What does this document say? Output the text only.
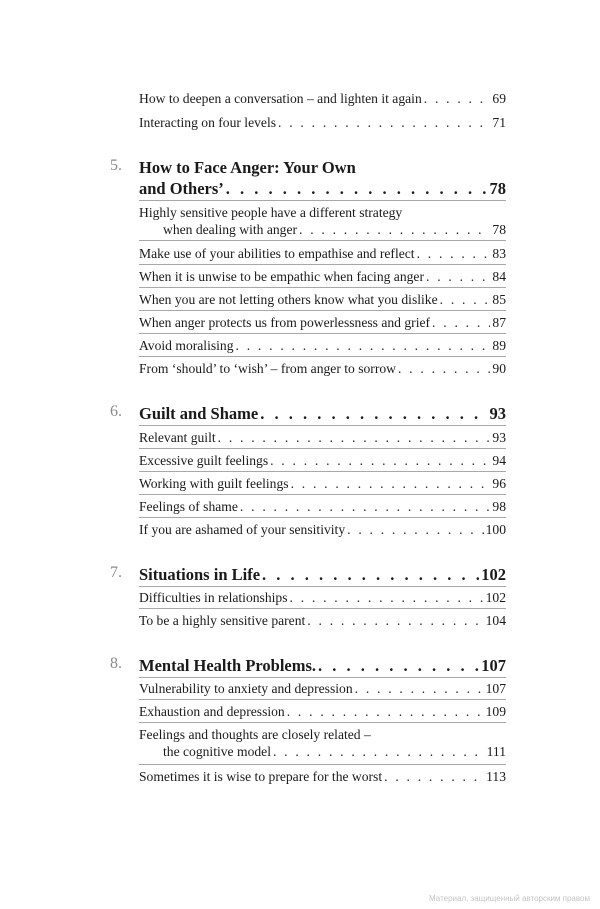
How to deepen a conversation – and lighten it again . . .	69
Interacting on four levels . . .	71
5. How to Face Anger: Your Own
and Others’ . . .	78
Highly sensitive people have a different strategy
when dealing with anger . . .	78
Make use of your abilities to empathise and reflect . . .	83
When it is unwise to be empathic when facing anger . . .	84
When you are not letting others know what you dislike . . .	85
When anger protects us from powerlessness and grief . . .	87
Avoid moralising . . .	89
From ‘should’ to ‘wish’ – from anger to sorrow . . .	90
6. Guilt and Shame . . .	93
Relevant guilt . . .	93
Excessive guilt feelings . . .	94
Working with guilt feelings . . .	96
Feelings of shame . . .	98
If you are ashamed of your sensitivity . . .	100
7. Situations in Life . . .	102
Difficulties in relationships . . .	102
To be a highly sensitive parent . . .	104
8. Mental Health Problems. . . .	107
Vulnerability to anxiety and depression . . .	107
Exhaustion and depression . . .	109
Feelings and thoughts are closely related –
the cognitive model . . .	111
Sometimes it is wise to prepare for the worst . . .	113
Материал, защищенный авторским правом
